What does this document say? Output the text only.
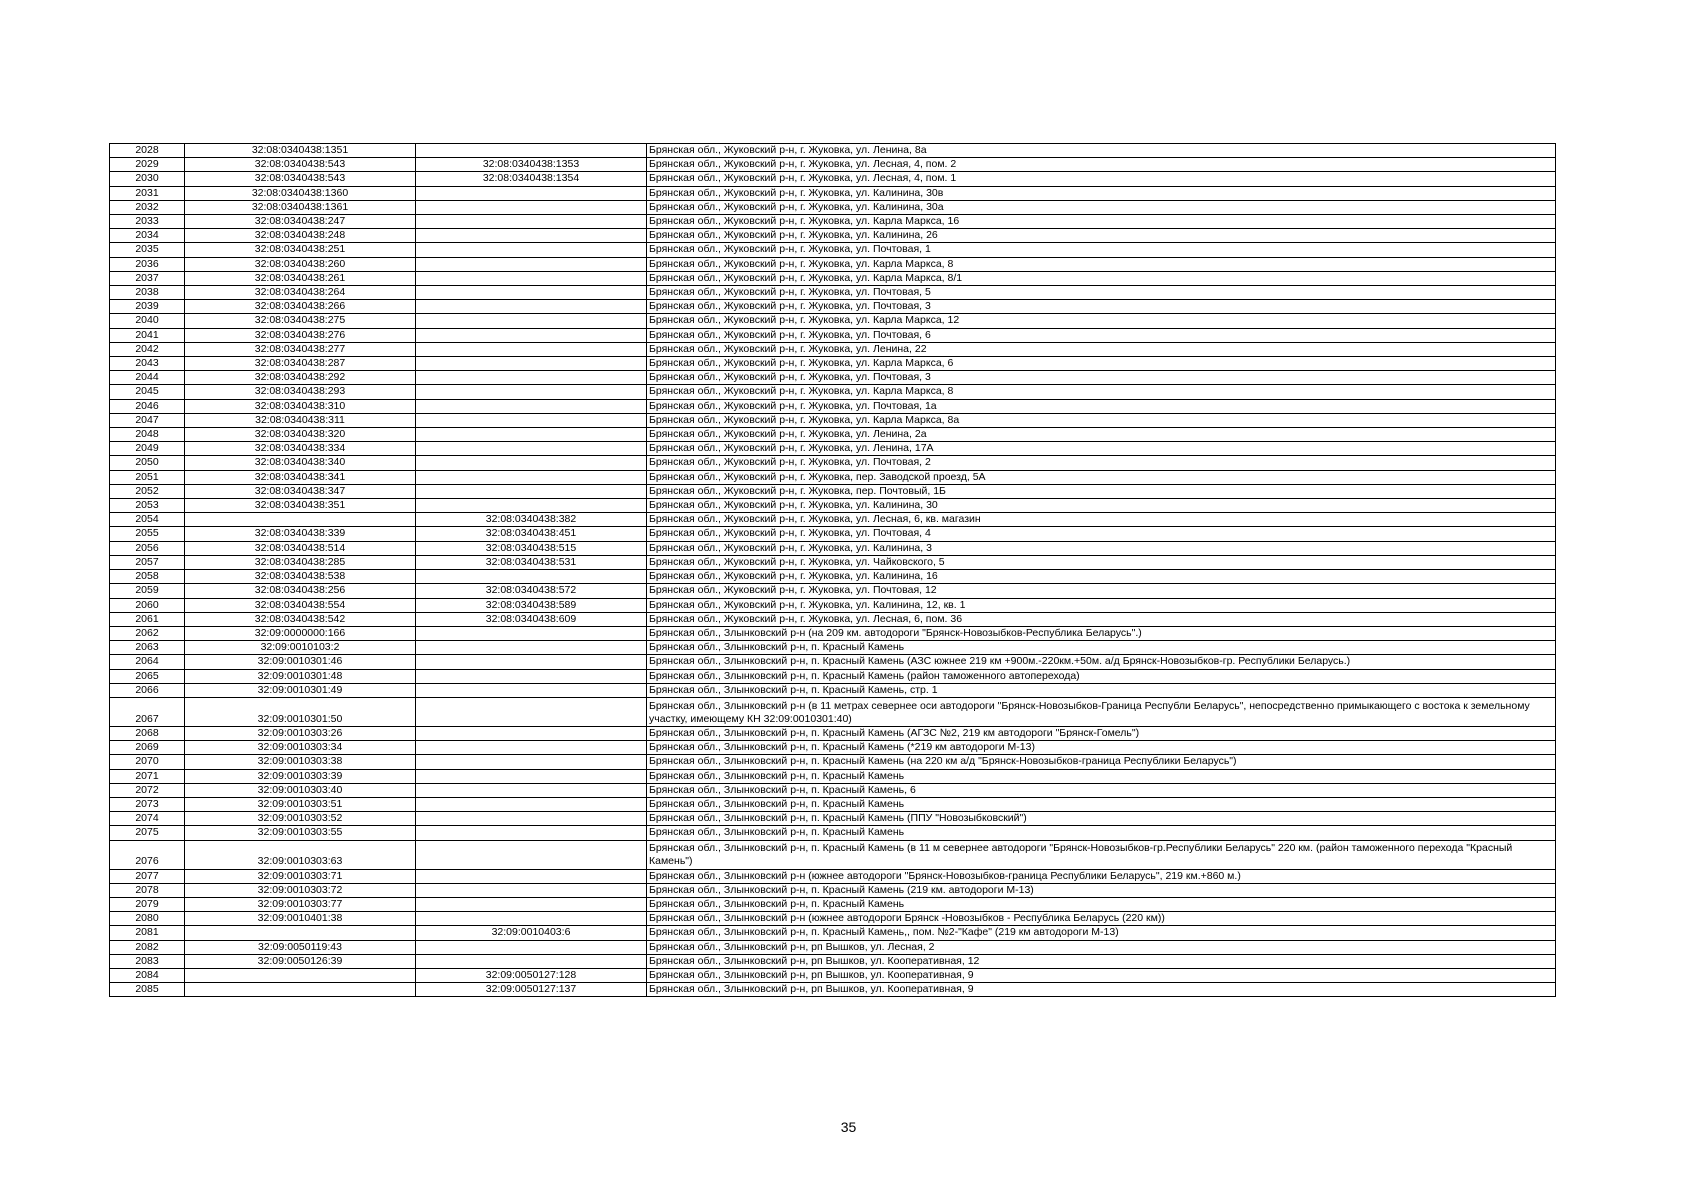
2028	32:08:0340438:1351		Брянская обл., Жуковский р-н, г. Жуковка, ул. Ленина, 8а
2029	32:08:0340438:543	32:08:0340438:1353	Брянская обл., Жуковский р-н, г. Жуковка, ул. Лесная, 4, пом. 2
2030	32:08:0340438:543	32:08:0340438:1354	Брянская обл., Жуковский р-н, г. Жуковка, ул. Лесная, 4, пом. 1
2031	32:08:0340438:1360		Брянская обл., Жуковский р-н, г. Жуковка, ул. Калинина, 30в
2032	32:08:0340438:1361		Брянская обл., Жуковский р-н, г. Жуковка, ул. Калинина, 30а
2033	32:08:0340438:247		Брянская обл., Жуковский р-н, г. Жуковка, ул. Карла Маркса, 16
2034	32:08:0340438:248		Брянская обл., Жуковский р-н, г. Жуковка, ул. Калинина, 26
2035	32:08:0340438:251		Брянская обл., Жуковский р-н, г. Жуковка, ул. Почтовая, 1
2036	32:08:0340438:260		Брянская обл., Жуковский р-н, г. Жуковка, ул. Карла Маркса, 8
2037	32:08:0340438:261		Брянская обл., Жуковский р-н, г. Жуковка, ул. Карла Маркса, 8/1
2038	32:08:0340438:264		Брянская обл., Жуковский р-н, г. Жуковка, ул. Почтовая, 5
2039	32:08:0340438:266		Брянская обл., Жуковский р-н, г. Жуковка, ул. Почтовая, 3
2040	32:08:0340438:275		Брянская обл., Жуковский р-н, г. Жуковка, ул. Карла Маркса, 12
2041	32:08:0340438:276		Брянская обл., Жуковский р-н, г. Жуковка, ул. Почтовая, 6
2042	32:08:0340438:277		Брянская обл., Жуковский р-н, г. Жуковка, ул. Ленина, 22
2043	32:08:0340438:287		Брянская обл., Жуковский р-н, г. Жуковка, ул. Карла Маркса, 6
2044	32:08:0340438:292		Брянская обл., Жуковский р-н, г. Жуковка, ул. Почтовая, 3
2045	32:08:0340438:293		Брянская обл., Жуковский р-н, г. Жуковка, ул. Карла Маркса, 8
2046	32:08:0340438:310		Брянская обл., Жуковский р-н, г. Жуковка, ул. Почтовая, 1а
2047	32:08:0340438:311		Брянская обл., Жуковский р-н, г. Жуковка, ул. Карла Маркса, 8а
2048	32:08:0340438:320		Брянская обл., Жуковский р-н, г. Жуковка, ул. Ленина, 2а
2049	32:08:0340438:334		Брянская обл., Жуковский р-н, г. Жуковка, ул. Ленина, 17А
2050	32:08:0340438:340		Брянская обл., Жуковский р-н, г. Жуковка, ул. Почтовая, 2
2051	32:08:0340438:341		Брянская обл., Жуковский р-н, г. Жуковка, пер. Заводской проезд, 5А
2052	32:08:0340438:347		Брянская обл., Жуковский р-н, г. Жуковка, пер. Почтовый, 1Б
2053	32:08:0340438:351		Брянская обл., Жуковский р-н, г. Жуковка, ул. Калинина, 30
2054		32:08:0340438:382	Брянская обл., Жуковский р-н, г. Жуковка, ул. Лесная, 6, кв. магазин
2055	32:08:0340438:339	32:08:0340438:451	Брянская обл., Жуковский р-н, г. Жуковка, ул. Почтовая, 4
2056	32:08:0340438:514	32:08:0340438:515	Брянская обл., Жуковский р-н, г. Жуковка, ул. Калинина, 3
2057	32:08:0340438:285	32:08:0340438:531	Брянская обл., Жуковский р-н, г. Жуковка, ул. Чайковского, 5
2058	32:08:0340438:538		Брянская обл., Жуковский р-н, г. Жуковка, ул. Калинина, 16
2059	32:08:0340438:256	32:08:0340438:572	Брянская обл., Жуковский р-н, г. Жуковка, ул. Почтовая, 12
2060	32:08:0340438:554	32:08:0340438:589	Брянская обл., Жуковский р-н, г. Жуковка, ул. Калинина, 12, кв. 1
2061	32:08:0340438:542	32:08:0340438:609	Брянская обл., Жуковский р-н, г. Жуковка, ул. Лесная, 6, пом. 36
2062	32:09:0000000:166		Брянская обл., Злынковский р-н (на 209 км. автодороги "Брянск-Новозыбков-Республика Беларусь".)
2063	32:09:0010103:2		Брянская обл., Злынковский р-н, п. Красный Камень
2064	32:09:0010301:46		Брянская обл., Злынковский р-н, п. Красный Камень (АЗС южнее 219 км +900м.-220км.+50м. а/д Брянск-Новозыбков-гр. Республики Беларусь.)
2065	32:09:0010301:48		Брянская обл., Злынковский р-н, п. Красный Камень (район таможенного автоперехода)
2066	32:09:0010301:49		Брянская обл., Злынковский р-н, п. Красный Камень, стр. 1
2067	32:09:0010301:50		Брянская обл., Злынковский р-н (в 11 метрах севернее оси автодороги "Брянск-Новозыбков-Граница Республи Беларусь", непосредственно примыкающего с востока к земельному участку, имеющему КН 32:09:0010301:40)
2068	32:09:0010303:26		Брянская обл., Злынковский р-н, п. Красный Камень (АГЗС №2, 219 км автодороги "Брянск-Гомель")
2069	32:09:0010303:34		Брянская обл., Злынковский р-н, п. Красный Камень (*219 км автодороги М-13)
2070	32:09:0010303:38		Брянская обл., Злынковский р-н, п. Красный Камень (на 220 км а/д "Брянск-Новозыбков-граница Республики Беларусь")
2071	32:09:0010303:39		Брянская обл., Злынковский р-н, п. Красный Камень
2072	32:09:0010303:40		Брянская обл., Злынковский р-н, п. Красный Камень, 6
2073	32:09:0010303:51		Брянская обл., Злынковский р-н, п. Красный Камень
2074	32:09:0010303:52		Брянская обл., Злынковский р-н, п. Красный Камень (ППУ "Новозыбковский")
2075	32:09:0010303:55		Брянская обл., Злынковский р-н, п. Красный Камень
2076	32:09:0010303:63		Брянская обл., Злынковский р-н, п. Красный Камень (в 11 м севернее автодороги "Брянск-Новозыбков-гр.Республики Беларусь" 220 км. (район таможенного перехода "Красный Камень")
2077	32:09:0010303:71		Брянская обл., Злынковский р-н (южнее автодороги "Брянск-Новозыбков-граница Республики Беларусь", 219 км.+860 м.)
2078	32:09:0010303:72		Брянская обл., Злынковский р-н, п. Красный Камень (219 км. автодороги М-13)
2079	32:09:0010303:77		Брянская обл., Злынковский р-н, п. Красный Камень
2080	32:09:0010401:38		Брянская обл., Злынковский р-н (южнее автодороги Брянск -Новозыбков - Республика Беларусь (220 км))
2081		32:09:0010403:6	Брянская обл., Злынковский р-н, п. Красный Камень,, пом. №2-"Кафе" (219 км автодороги М-13)
2082	32:09:0050119:43		Брянская обл., Злынковский р-н, рп Вышков, ул. Лесная, 2
2083	32:09:0050126:39		Брянская обл., Злынковский р-н, рп Вышков, ул. Кооперативная, 12
2084		32:09:0050127:128	Брянская обл., Злынковский р-н, рп Вышков, ул. Кооперативная, 9
2085		32:09:0050127:137	Брянская обл., Злынковский р-н, рп Вышков, ул. Кооперативная, 9
35
